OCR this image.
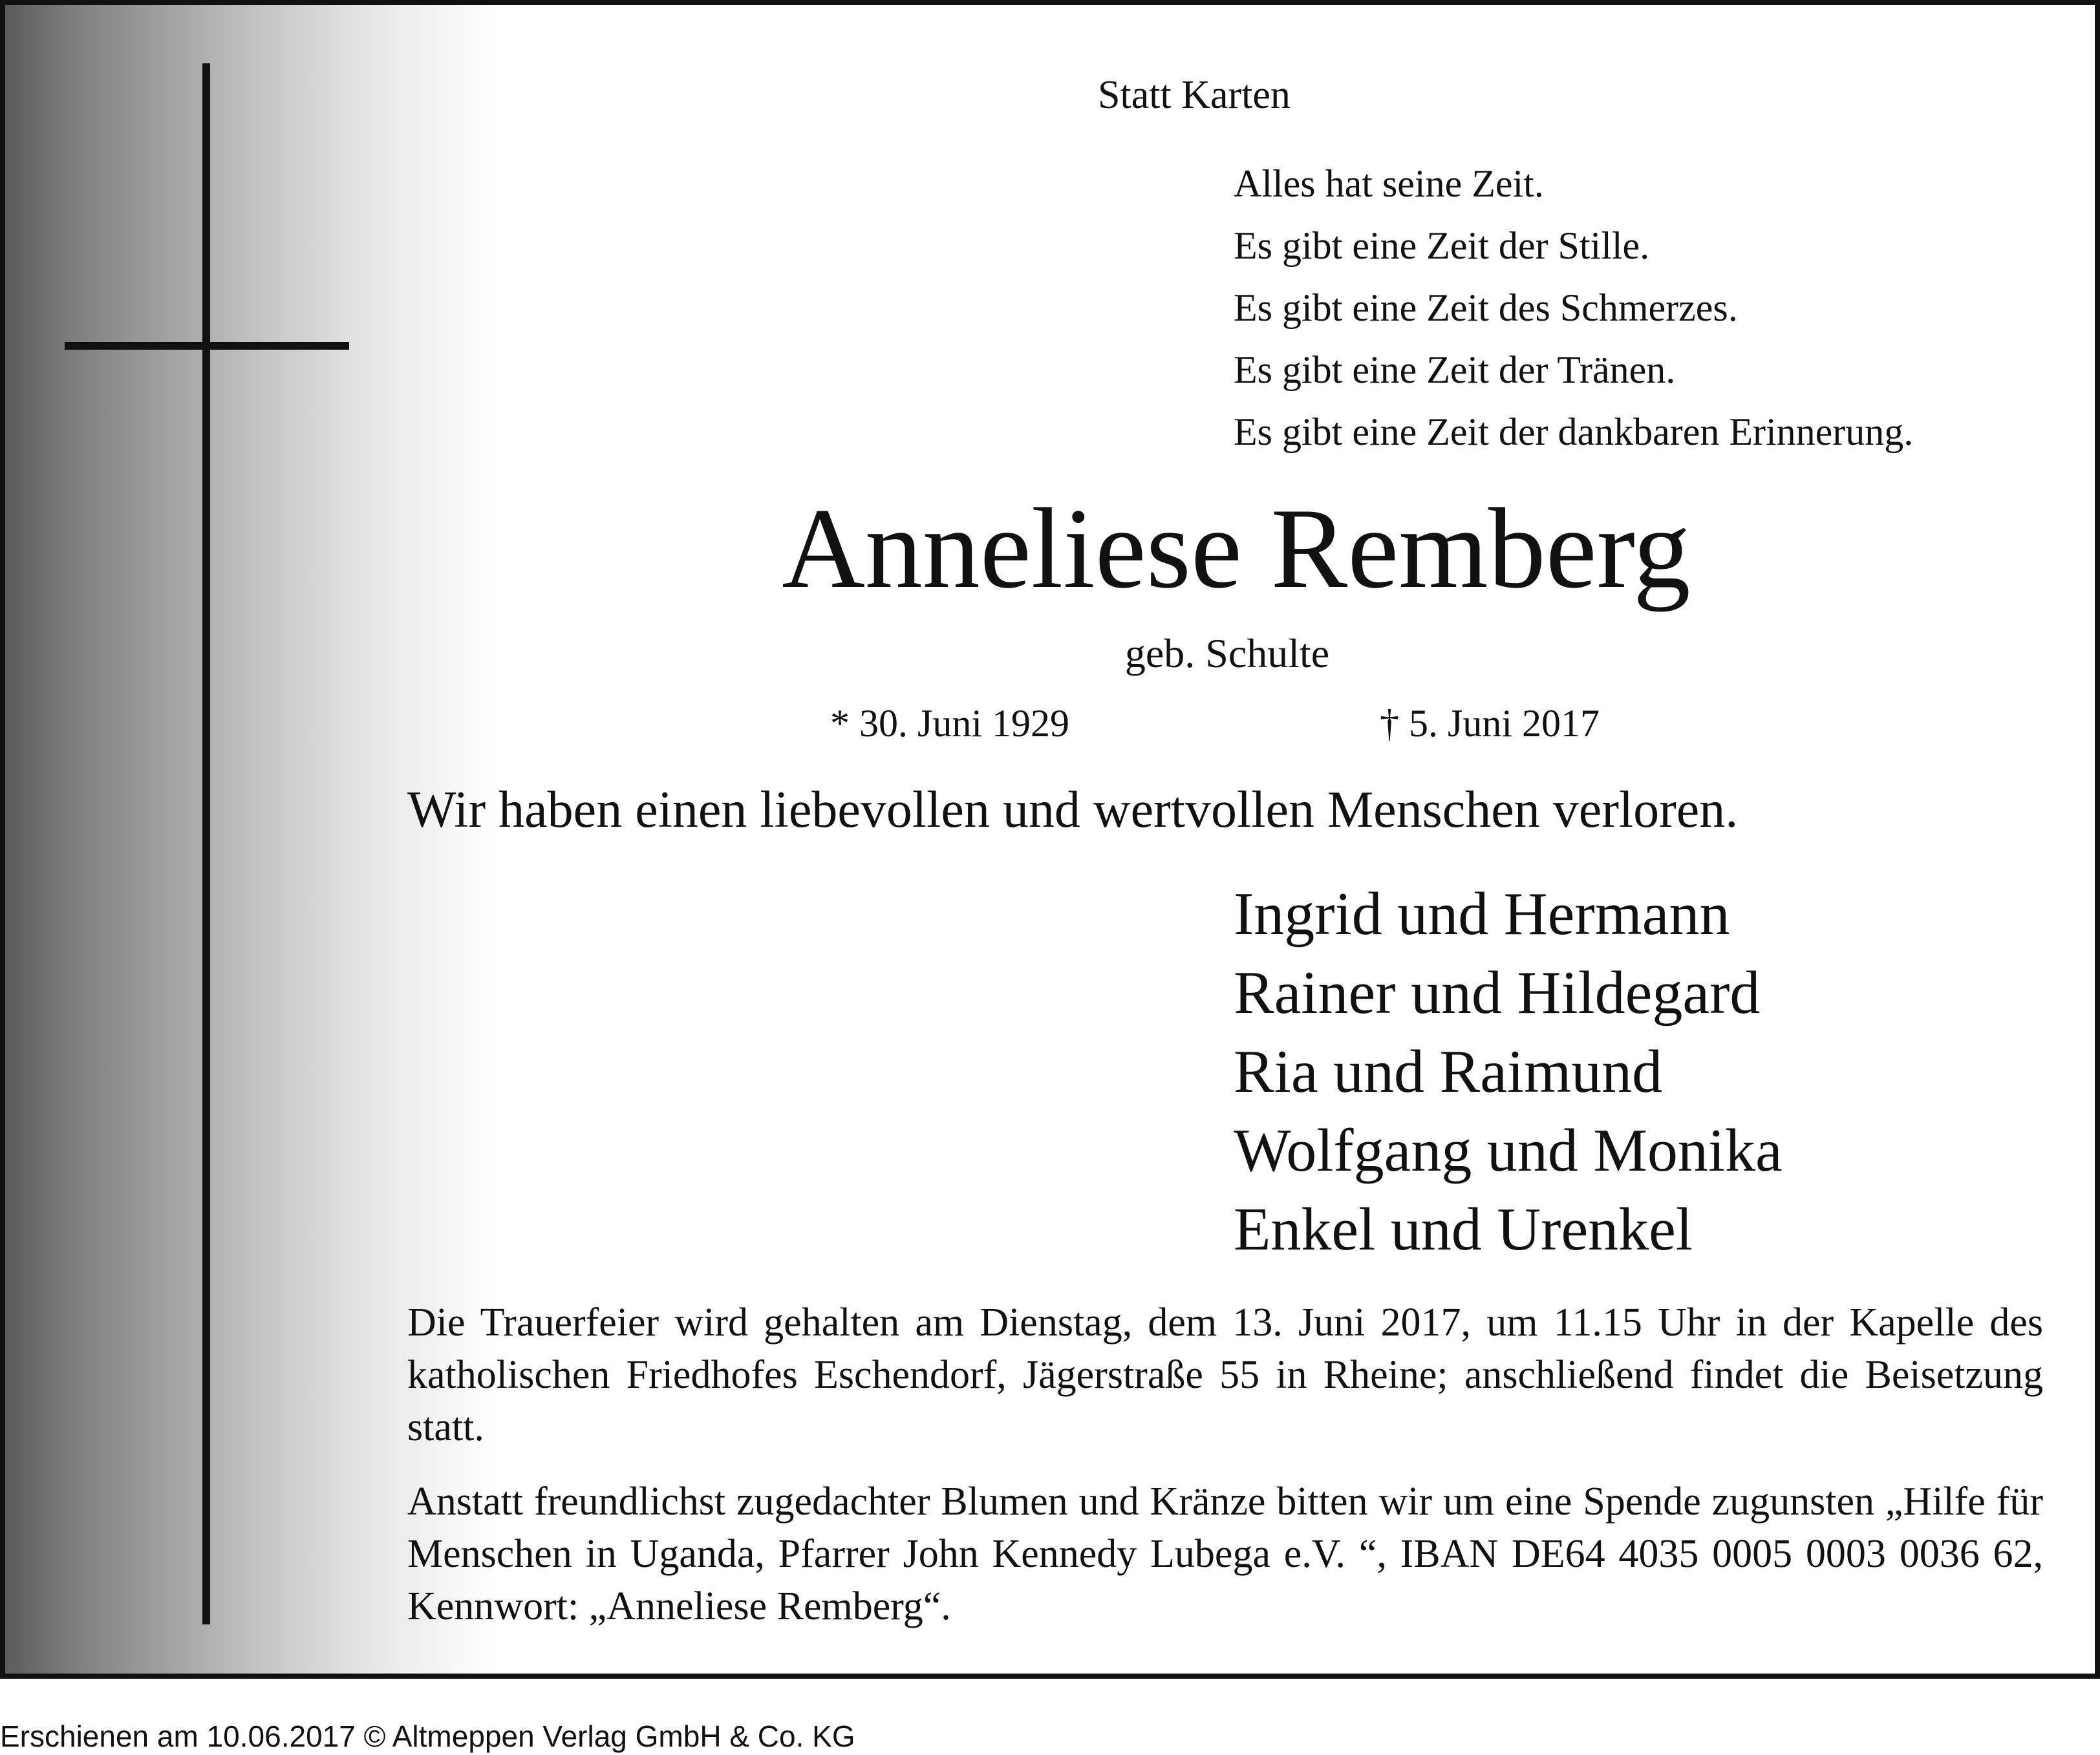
Statt Karten
Alles hat seine Zeit.
Es gibt eine Zeit der Stille.
Es gibt eine Zeit des Schmerzes.
Es gibt eine Zeit der Tränen.
Es gibt eine Zeit der dankbaren Erinnerung.
Anneliese Remberg
geb. Schulte
* 30. Juni 1929	† 5. Juni 2017
Wir haben einen liebevollen und wertvollen Menschen verloren.
Ingrid und Hermann
Rainer und Hildegard
Ria und Raimund
Wolfgang und Monika
Enkel und Urenkel
Die Trauerfeier wird gehalten am Dienstag, dem 13. Juni 2017, um 11.15 Uhr in der Kapelle des katholischen Friedhofes Eschendorf, Jägerstraße 55 in Rheine; anschließend findet die Beisetzung statt.
Anstatt freundlichst zugedachter Blumen und Kränze bitten wir um eine Spende zugunsten „Hilfe für Menschen in Uganda, Pfarrer John Kennedy Lubega e.V. “, IBAN DE64 4035 0005 0003 0036 62, Kennwort: „Anneliese Remberg“.
Erschienen am 10.06.2017 © Altmeppen Verlag GmbH & Co. KG
